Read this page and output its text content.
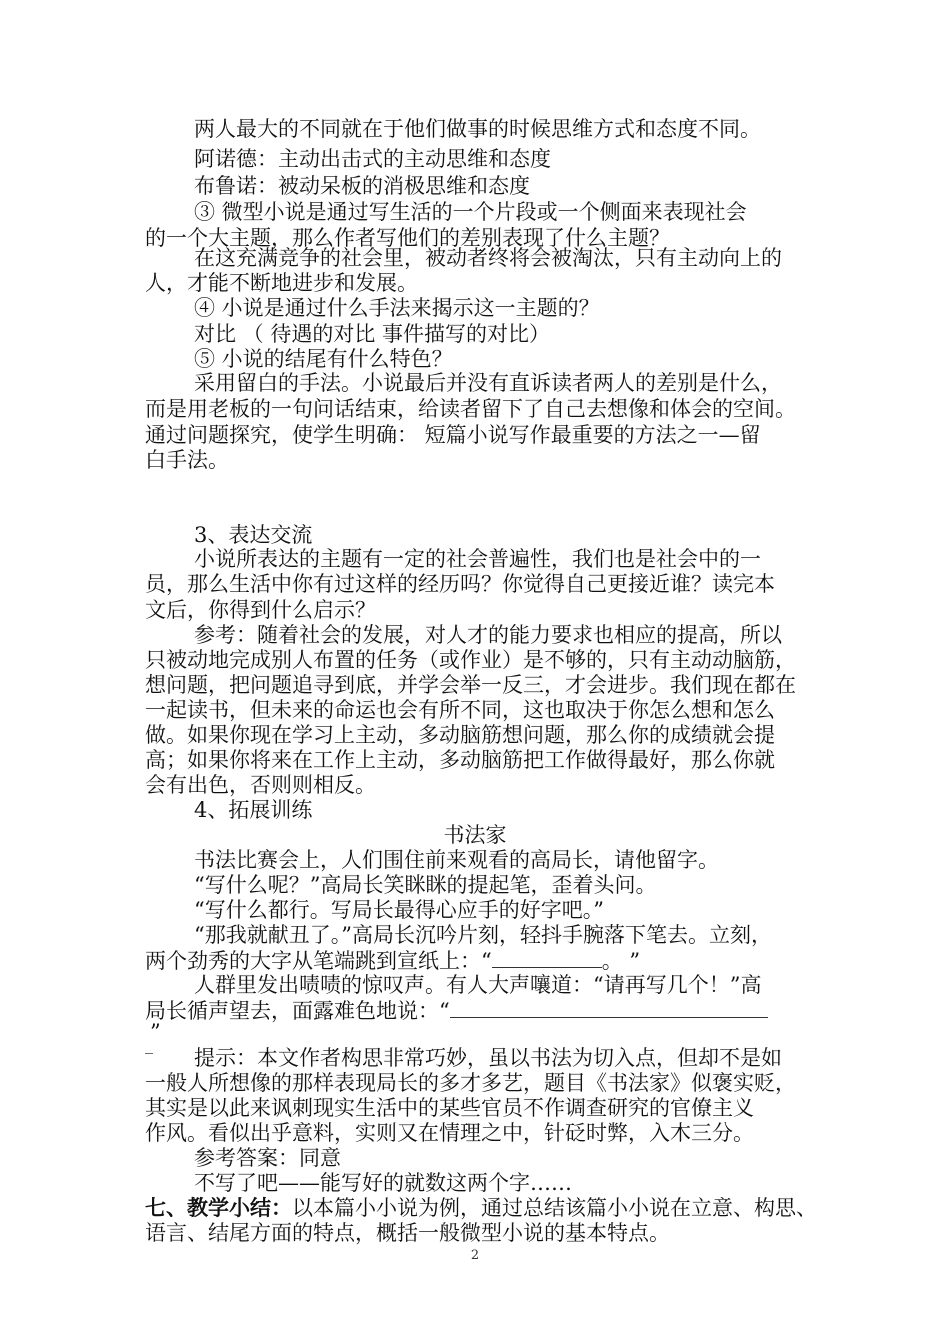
两人最大的不同就在于他们做事的时候思维方式和态度不同。
阿诺德：主动出击式的主动思维和态度
布鲁诺：被动呆板的消极思维和态度
③ 微型小说是通过写生活的一个片段或一个侧面来表现社会
的一个大主题，那么作者写他们的差别表现了什么主题？
在这充满竞争的社会里，被动者终将会被淘汰，只有主动向上的
人，才能不断地进步和发展。
④ 小说是通过什么手法来揭示这一主题的？
对比 （ 待遇的对比 事件描写的对比）
⑤ 小说的结尾有什么特色？
采用留白的手法。小说最后并没有直诉读者两人的差别是什么，
而是用老板的一句问话结束，给读者留下了自己去想像和体会的空间。
通过问题探究，使学生明确： 短篇小说写作最重要的方法之一—留
白手法。
3、表达交流
小说所表达的主题有一定的社会普遍性，我们也是社会中的一
员，那么生活中你有过这样的经历吗？你觉得自己更接近谁？读完本
文后，你得到什么启示？
参考：随着社会的发展，对人才的能力要求也相应的提高，所以
只被动地完成别人布置的任务（或作业）是不够的，只有主动动脑筋，
想问题，把问题追寻到底，并学会举一反三，才会进步。我们现在都在
一起读书，但未来的命运也会有所不同，这也取决于你怎么想和怎么
做。如果你现在学习上主动，多动脑筋想问题，那么你的成绩就会提
高；如果你将来在工作上主动，多动脑筋把工作做得最好，那么你就
会有出色，否则则相反。
4、拓展训练
书法家
书法比赛会上，人们围住前来观看的高局长，请他留字。
“写什么呢？”高局长笑眯眯的提起笔，歪着头问。
“写什么都行。写局长最得心应手的好字吧。”
“那我就献丑了。”高局长沉吟片刻，轻抖手腕落下笔去。立刻，
两个劲秀的大字从笔端跳到宣纸上：“	。 ”
人群里发出啧啧的惊叹声。有人大声嚷道：“请再写几个！”高
局长循声望去，面露难色地说：“
”
_
提示：本文作者构思非常巧妙，虽以书法为切入点，但却不是如
一般人所想像的那样表现局长的多才多艺，题目《书法家》似褒实贬，
其实是以此来讽刺现实生活中的某些官员不作调查研究的官僚主义
作风。看似出乎意料，实则又在情理之中，针砭时弊，入木三分。
参考答案：同意
不写了吧——能写好的就数这两个字……
七、教学小结：以本篇小小说为例，通过总结该篇小小说在立意、构思、
语言、结尾方面的特点，概括一般微型小说的基本特点。
2
